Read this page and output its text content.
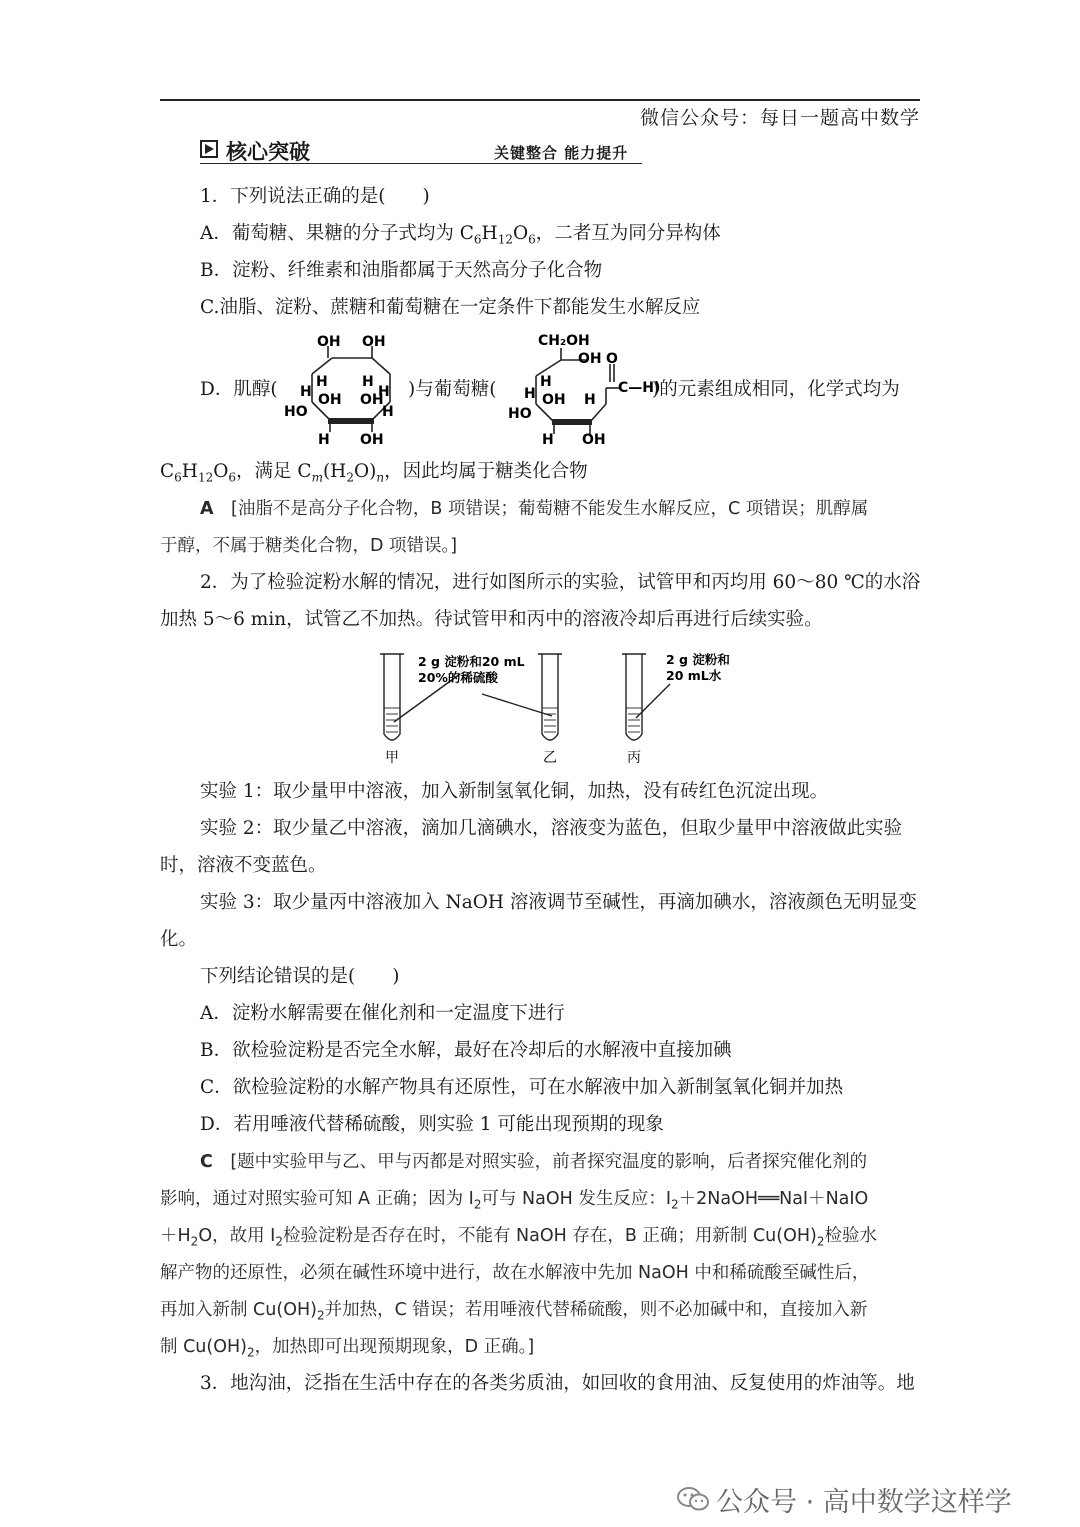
微信公众号：每日一题高中数学
核心突破	关键整合 能力提升
1．下列说法正确的是(　　)
A．葡萄糖、果糖的分子式均为 $C_6H_{12}O_6$，二者互为同分异构体
B．淀粉、纤维素和油脂都属于天然高分子化合物
C.油脂、淀粉、蔗糖和葡萄糖在一定条件下都能发生水解反应
D．肌醇(
OH OH
H H
H	H
OH OH
HO	H
H OH
)与葡萄糖(
CH₂OH
OH O
H
H OH H
HO
H OH
C—H)
)的元素组成相同，化学式均为
$C_6H_{12}O_6$，满足 $C_m(H_2O)_n$，因此均属于糖类化合物
A　 [油脂不是高分子化合物，B 项错误；葡萄糖不能发生水解反应，C 项错误；肌醇属
于醇，不属于糖类化合物，D 项错误。]
2．为了检验淀粉水解的情况，进行如图所示的实验，试管甲和丙均用 60～80 ℃的水浴
加热 5～6 min，试管乙不加热。待试管甲和丙中的溶液冷却后再进行后续实验。
2 g 淀粉和20 mL
20%的稀硫酸
2 g 淀粉和
20 mL水
甲	乙	丙
实验 1：取少量甲中溶液，加入新制氢氧化铜，加热，没有砖红色沉淀出现。
实验 2：取少量乙中溶液，滴加几滴碘水，溶液变为蓝色，但取少量甲中溶液做此实验
时，溶液不变蓝色。
实验 3：取少量丙中溶液加入 NaOH 溶液调节至碱性，再滴加碘水，溶液颜色无明显变
化。
下列结论错误的是(　　)
A．淀粉水解需要在催化剂和一定温度下进行
B．欲检验淀粉是否完全水解，最好在冷却后的水解液中直接加碘
C．欲检验淀粉的水解产物具有还原性，可在水解液中加入新制氢氧化铜并加热
D．若用唾液代替稀硫酸，则实验 1 可能出现预期的现象
C　 [题中实验甲与乙、甲与丙都是对照实验，前者探究温度的影响，后者探究催化剂的
影响，通过对照实验可知 A 正确；因为 $I_2$可与 NaOH 发生反应：$I_2+2NaOH══NaI+NaIO$
$+H_2O$，故用 $I_2$检验淀粉是否存在时，不能有 NaOH 存在，B 正确；用新制 $Cu(OH)_2$检验水
解产物的还原性，必须在碱性环境中进行，故在水解液中先加 NaOH 中和稀硫酸至碱性后，
再加入新制 $Cu(OH)_2$并加热，C 错误；若用唾液代替稀硫酸，则不必加碱中和，直接加入新
制 $Cu(OH)_2$，加热即可出现预期现象，D 正确。]
3．地沟油，泛指在生活中存在的各类劣质油，如回收的食用油、反复使用的炸油等。地
公众号 · 高中数学这样学
